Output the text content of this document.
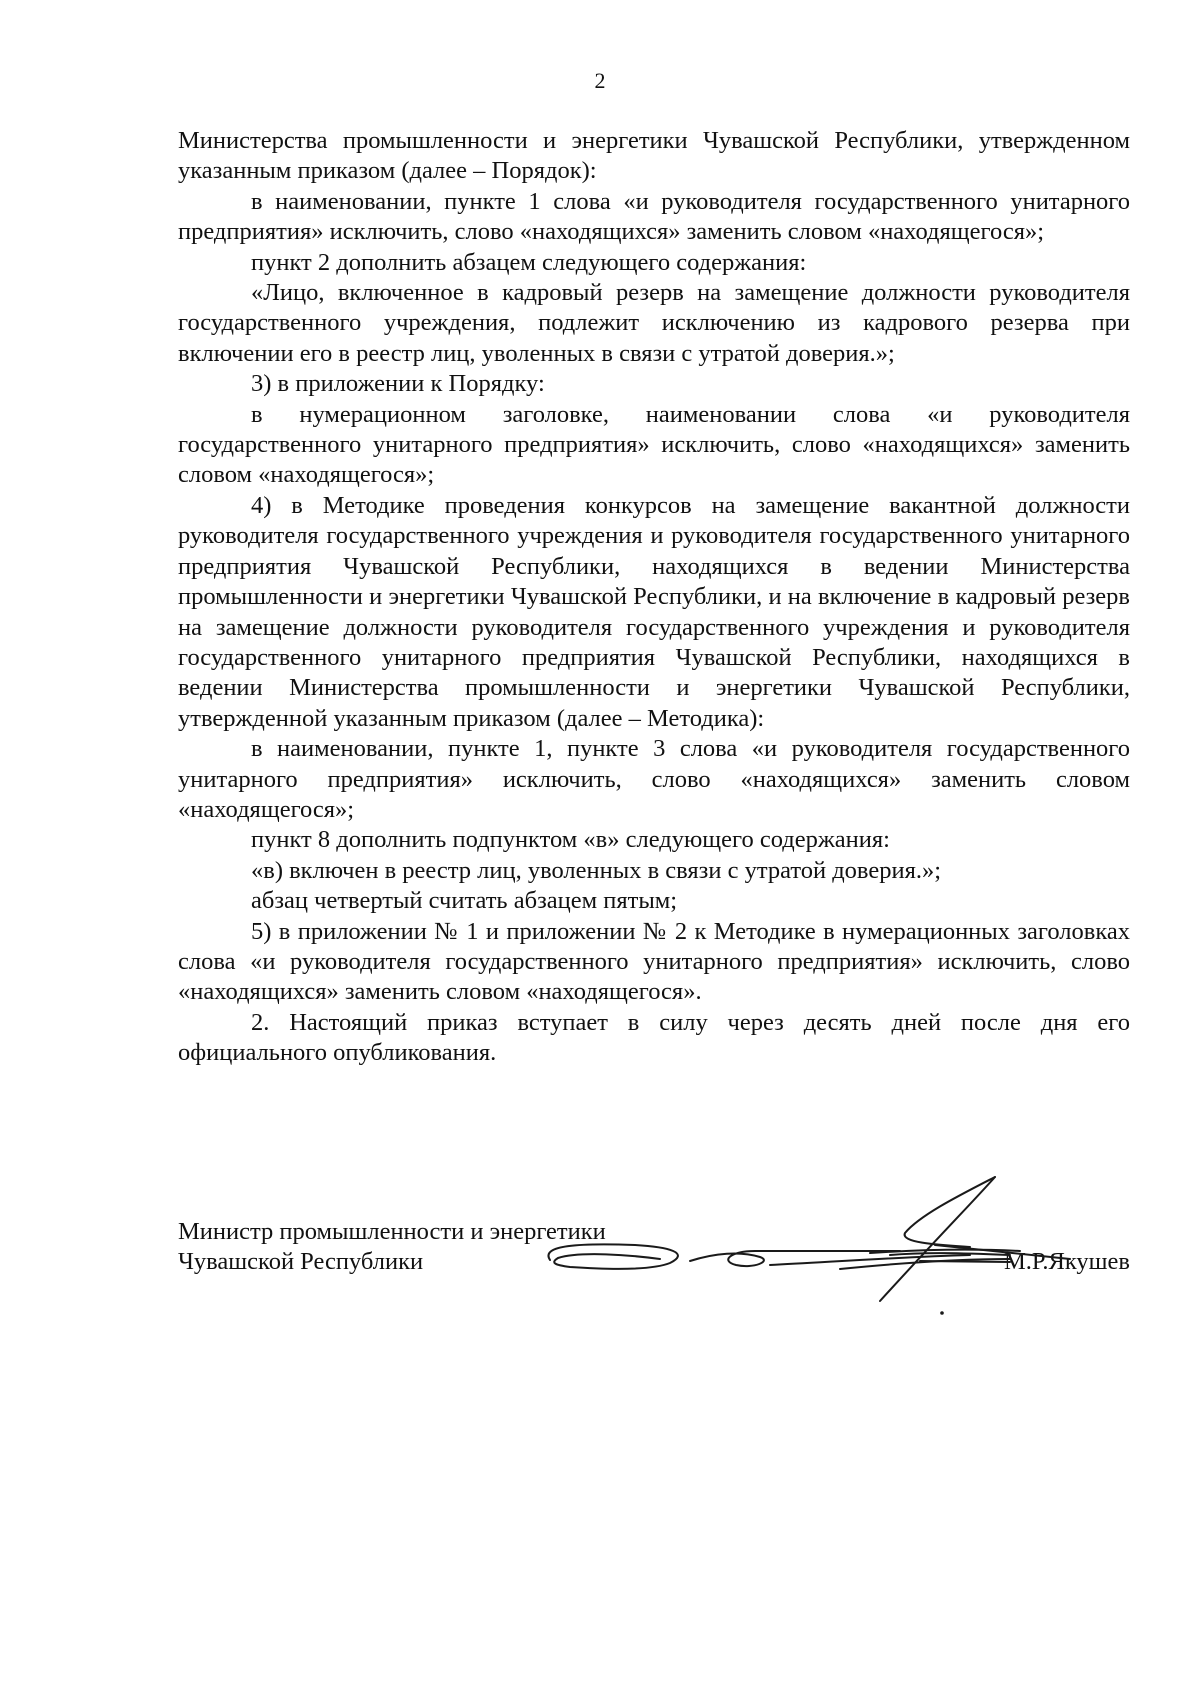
2

Министерства промышленности и энергетики Чувашской Республики, утвержденном указанным приказом (далее – Порядок):

в наименовании, пункте 1 слова «и руководителя государственного унитарного предприятия» исключить, слово «находящихся» заменить словом «находящегося»;

пункт 2 дополнить абзацем следующего содержания:

«Лицо, включенное в кадровый резерв на замещение должности руководителя государственного учреждения, подлежит исключению из кадрового резерва при включении его в реестр лиц, уволенных в связи с утратой доверия.»;

3) в приложении к Порядку:

в нумерационном заголовке, наименовании слова «и руководителя государственного унитарного предприятия» исключить, слово «находящихся» заменить словом «находящегося»;

4) в Методике проведения конкурсов на замещение вакантной должности руководителя государственного учреждения и руководителя государственного унитарного предприятия Чувашской Республики, находящихся в ведении Министерства промышленности и энергетики Чувашской Республики, и на включение в кадровый резерв на замещение должности руководителя государственного учреждения и руководителя государственного унитарного предприятия Чувашской Республики, находящихся в ведении Министерства промышленности и энергетики Чувашской Республики, утвержденной указанным приказом (далее – Методика):

в наименовании, пункте 1, пункте 3 слова «и руководителя государственного унитарного предприятия» исключить, слово «находящихся» заменить словом «находящегося»;

пункт 8 дополнить подпунктом «в» следующего содержания:

«в) включен в реестр лиц, уволенных в связи с утратой доверия.»;

абзац четвертый считать абзацем пятым;

5) в приложении № 1 и приложении № 2 к Методике в нумерационных заголовках слова «и руководителя государственного унитарного предприятия» исключить, слово «находящихся» заменить словом «находящегося».

2. Настоящий приказ вступает в силу через десять дней после дня его официального опубликования.

Министр промышленности и энергетики
Чувашской Республики	М.Р.Якушев
